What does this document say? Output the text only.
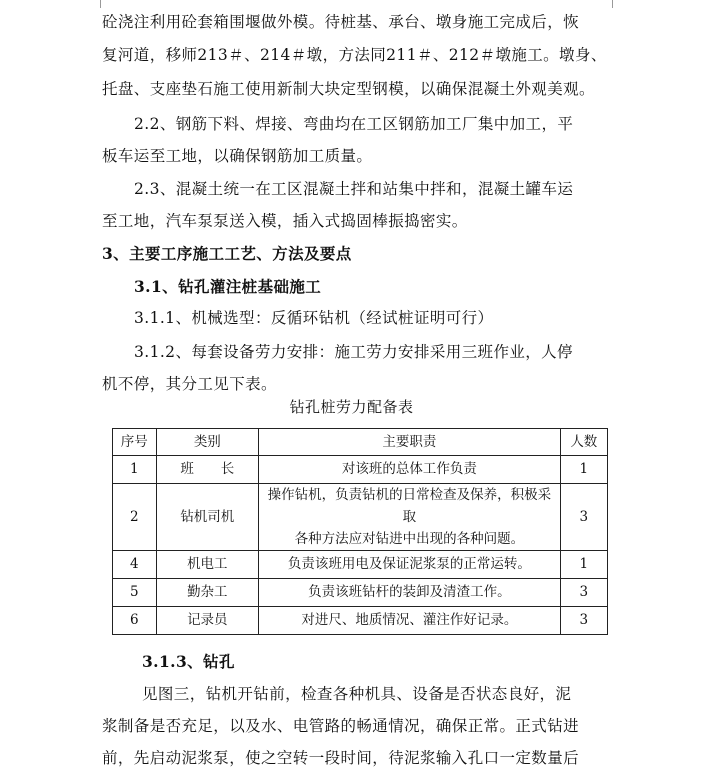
砼浇注利用砼套箱围堰做外模。待桩基、承台、墩身施工完成后，恢
复河道，移师213＃、214＃墩，方法同211＃、212＃墩施工。墩身、
托盘、支座垫石施工使用新制大块定型钢模，以确保混凝土外观美观。
2.2、钢筋下料、焊接、弯曲均在工区钢筋加工厂集中加工，平
板车运至工地，以确保钢筋加工质量。
2.3、混凝土统一在工区混凝土拌和站集中拌和，混凝土罐车运
至工地，汽车泵泵送入模，插入式捣固棒振捣密实。
3、主要工序施工工艺、方法及要点
3.1、钻孔灌注桩基础施工
3.1.1、机械选型：反循环钻机（经试桩证明可行）
3.1.2、每套设备劳力安排：施工劳力安排采用三班作业，人停
机不停，其分工见下表。
钻孔桩劳力配备表
序号	类别	主要职责	人数
1	班　　长	对该班的总体工作负责	1
2	钻机司机	操作钻机，负责钻机的日常检查及保养，积极采取
各种方法应对钻进中出现的各种问题。	3
4	机电工	负责该班用电及保证泥浆泵的正常运转。	1
5	勤杂工	负责该班钻杆的装卸及清渣工作。	3
6	记录员	对进尺、地质情况、灌注作好记录。	3
3.1.3、钻孔
见图三，钻机开钻前，检查各种机具、设备是否状态良好，泥
浆制备是否充足，以及水、电管路的畅通情况，确保正常。正式钻进
前，先启动泥浆泵，使之空转一段时间，待泥浆输入孔口一定数量后
